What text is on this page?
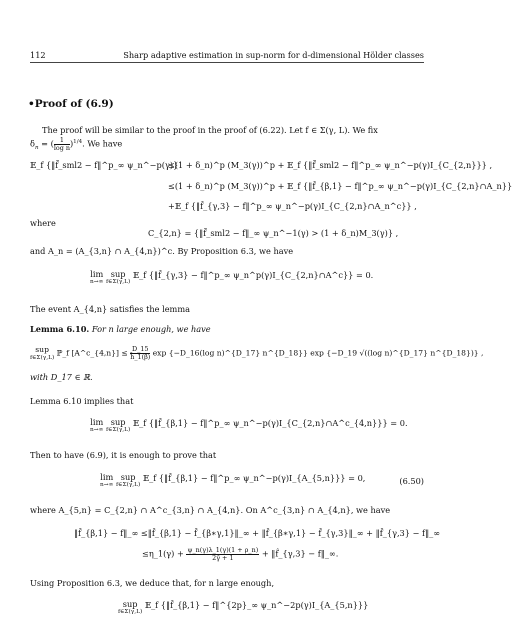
112	Sharp adaptive estimation in sup-norm for d-dimensional Hölder classes
•Proof of (6.9)
The proof will be similar to the proof in the proof of (6.22). Let f ∈ Σ(γ, L). We fix
$\delta_n$ = ( $\frac{1}{\text{log n}} )^{1/4}$. We have
𝔼_f {‖f̃_sml2 − f‖^p_∞ ψ_n^−p(γ)}
≤(1 + δ_n)^p (M_3(γ))^p + 𝔼_f {‖f̃_sml2 − f‖^p_∞ ψ_n^−p(γ)I_{C_{2,n}}} ,
≤(1 + δ_n)^p (M_3(γ))^p + 𝔼_f {‖f̂_{β,1} − f‖^p_∞ ψ_n^−p(γ)I_{C_{2,n}∩A_n}}
+𝔼_f {‖f̂_{γ,3} − f‖^p_∞ ψ_n^−p(γ)I_{C_{2,n}∩A_n^c}} ,
where
C_{2,n} = {‖f̃_sml2 − f‖_∞ ψ_n^−1(γ) > (1 + δ_n)M_3(γ)} ,
and A_n = (A_{3,n} ∩ A_{4,n})^c. By Proposition 6.3, we have
lim
n→∞
sup
f∈Σ(γ,L)
𝔼_f {‖f̂_{γ,3} − f‖^p_∞ ψ_n^p(γ)I_{C_{2,n}∩A^c}} = 0.
The event A_{4,n} satisfies the lemma
Lemma 6.10. For n large enough, we have
sup
f∈Σ(γ,L)
ℙ_f [A^c_{4,n}] ≤ $\frac{D\_15}{h̄\_1(\beta)}$ exp {−D_16(log n)^{D_17} n^{D_18}} exp {−D_19 √((log n)^{D_17} n^{D_18})} ,
with D_17 ∈ ℝ.
Lemma 6.10 implies that
lim
n→∞
sup
f∈Σ(γ,L)
𝔼_f {‖f̂_{β,1} − f‖^p_∞ ψ_n^−p(γ)I_{C_{2,n}∩A^c_{4,n}}} = 0.
Then to have (6.9), it is enough to prove that
lim
n→∞
sup
f∈Σ(γ,L)
𝔼_f {‖f̂_{β,1} − f‖^p_∞ ψ_n^−p(γ)I_{A_{5,n}}} = 0,	(6.50)
where A_{5,n} = C_{2,n} ∩ A^c_{3,n} ∩ A_{4,n}. On A^c_{3,n} ∩ A_{4,n}, we have
‖f̂_{β,1} − f‖_∞ ≤‖f̂_{β,1} − f̂_{β∗γ,1}‖_∞ + ‖f̂_{β∗γ,1} − f̂_{γ,3}‖_∞ + ‖f̂_{γ,3} − f‖_∞
≤η_1(γ) + $\frac{\psi\_n(\gamma)\lambda\_1(\gamma)(1 + \rho\_n)}{2\gammā + 1}$ + ‖f̂_{γ,3} − f‖_∞.
Using Proposition 6.3, we deduce that, for n large enough,
sup
f∈Σ(γ,L)
𝔼_f {‖f̂_{β,1} − f‖^{2p}_∞ ψ_n^−2p(γ)I_{A_{5,n}}}
